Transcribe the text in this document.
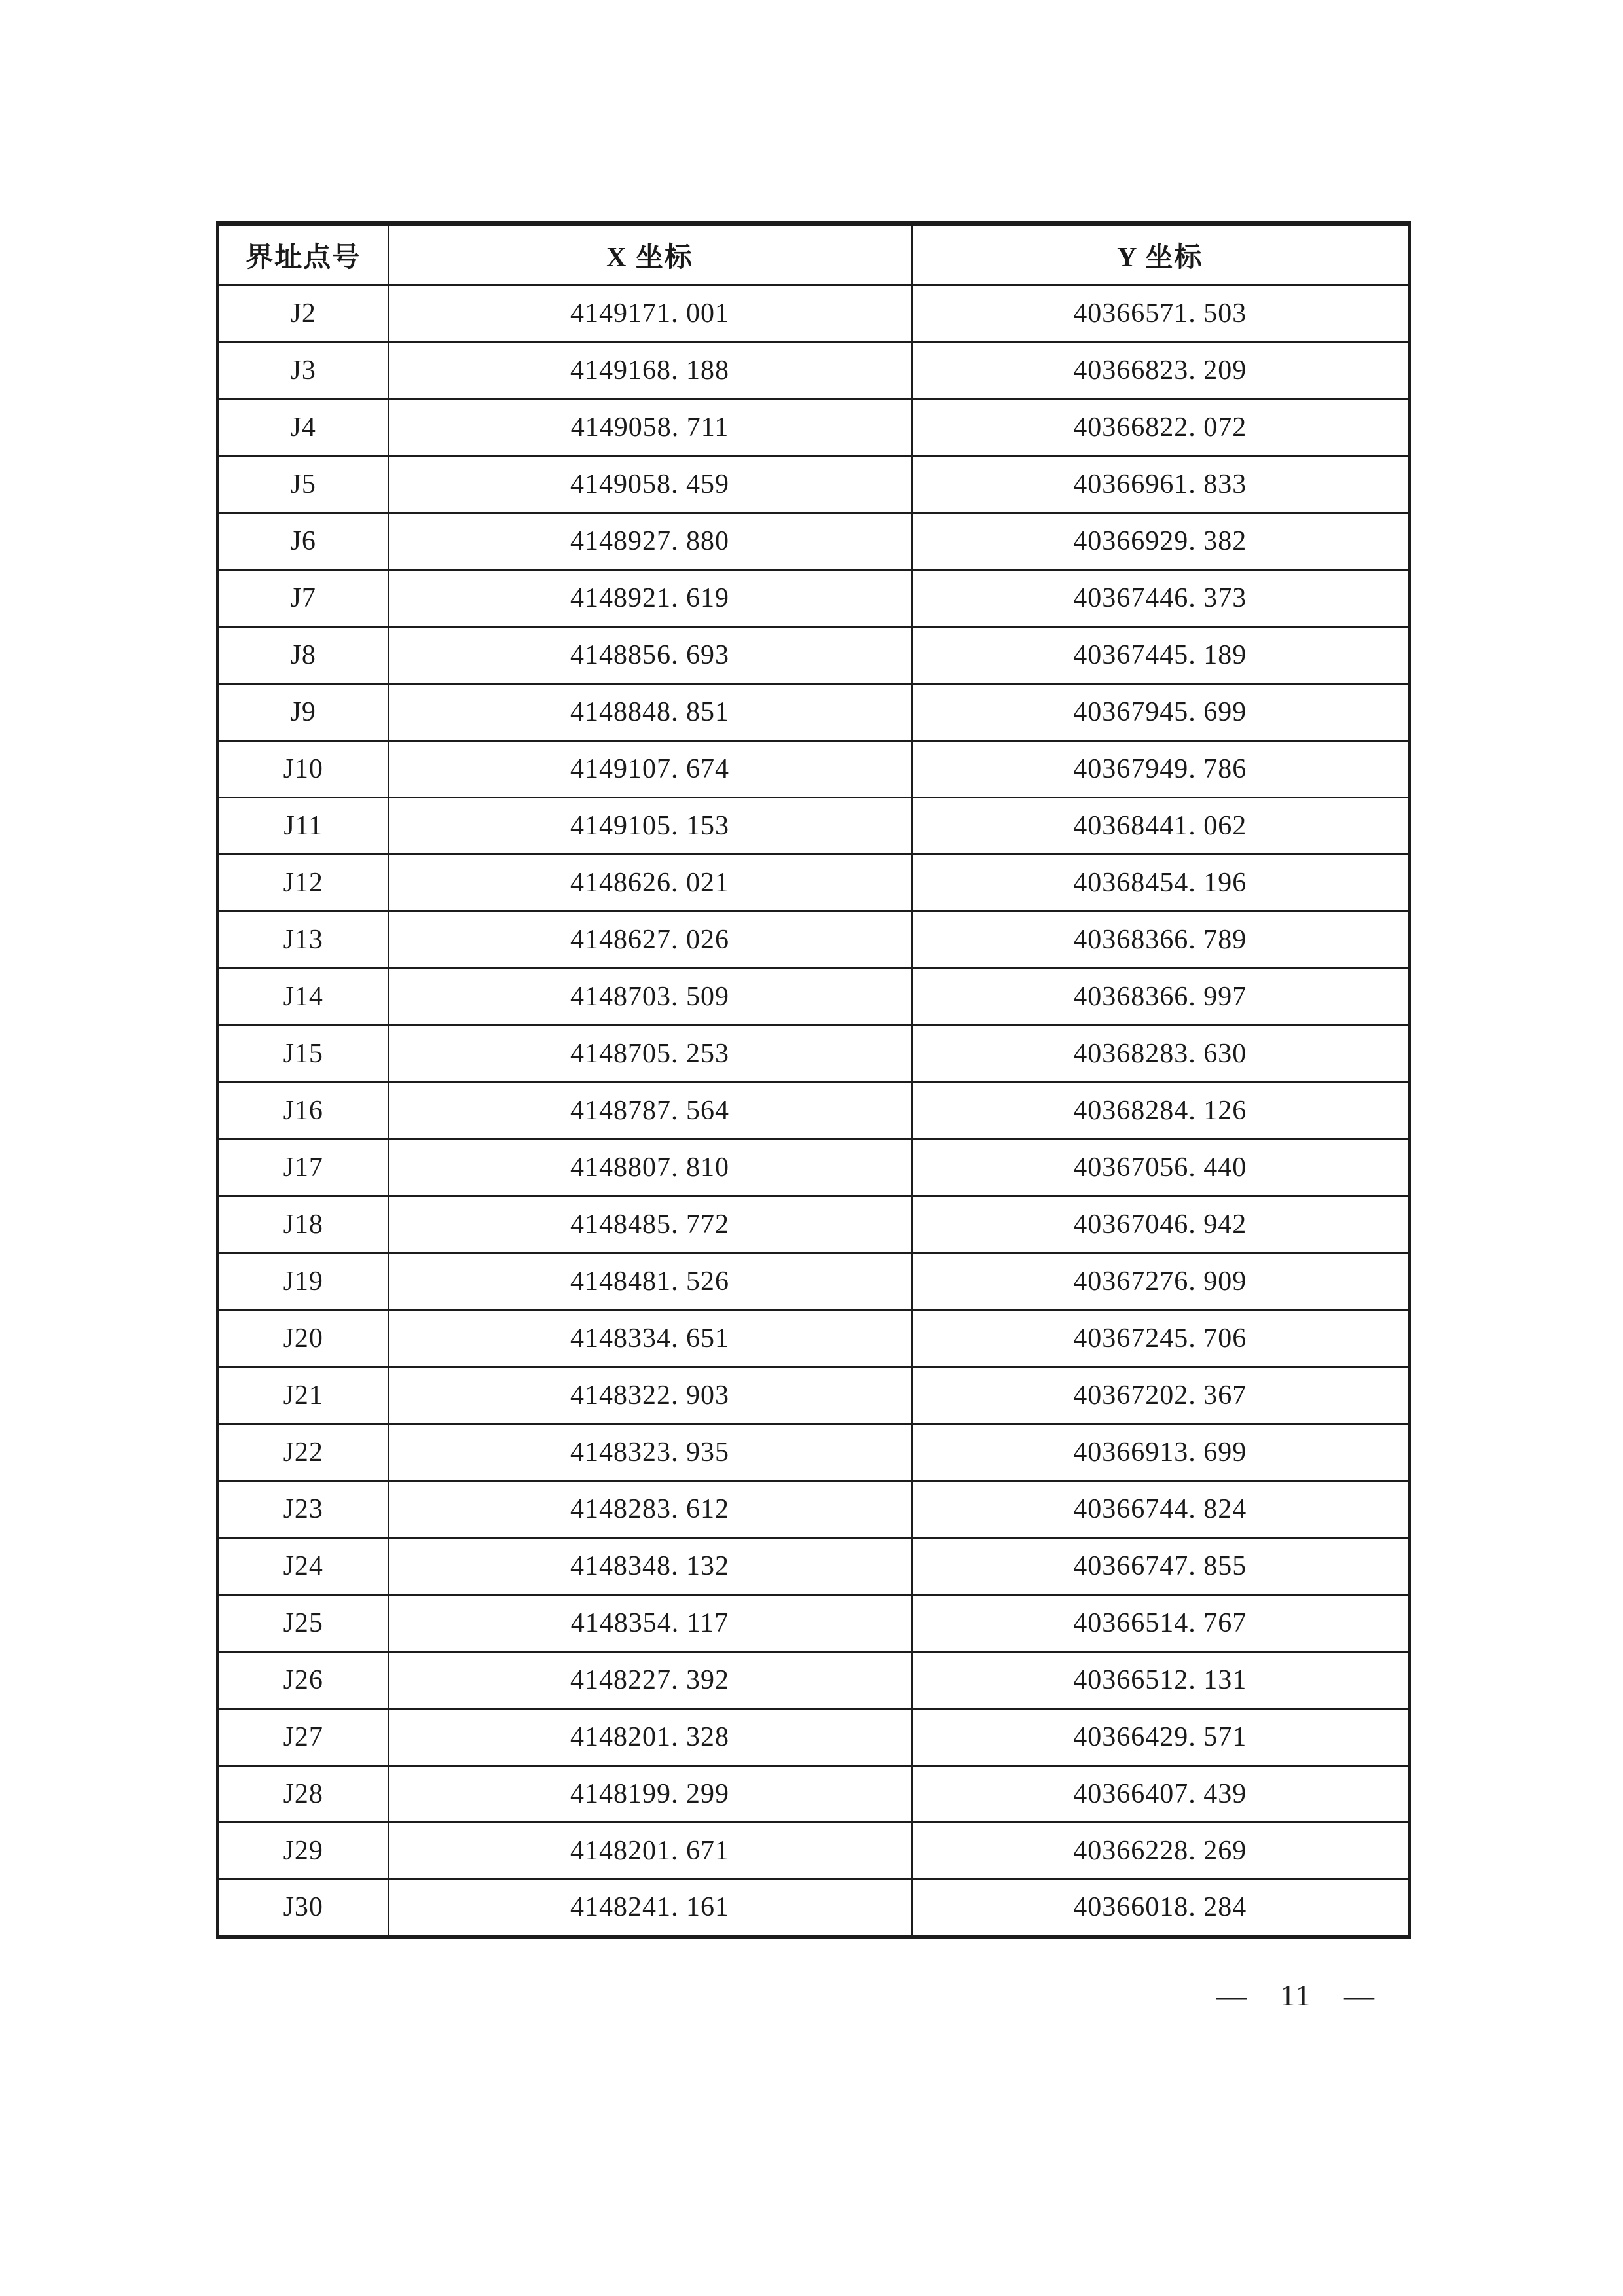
界址点号	X 坐标	Y 坐标
J2	4149171. 001	40366571. 503
J3	4149168. 188	40366823. 209
J4	4149058. 711	40366822. 072
J5	4149058. 459	40366961. 833
J6	4148927. 880	40366929. 382
J7	4148921. 619	40367446. 373
J8	4148856. 693	40367445. 189
J9	4148848. 851	40367945. 699
J10	4149107. 674	40367949. 786
J11	4149105. 153	40368441. 062
J12	4148626. 021	40368454. 196
J13	4148627. 026	40368366. 789
J14	4148703. 509	40368366. 997
J15	4148705. 253	40368283. 630
J16	4148787. 564	40368284. 126
J17	4148807. 810	40367056. 440
J18	4148485. 772	40367046. 942
J19	4148481. 526	40367276. 909
J20	4148334. 651	40367245. 706
J21	4148322. 903	40367202. 367
J22	4148323. 935	40366913. 699
J23	4148283. 612	40366744. 824
J24	4148348. 132	40366747. 855
J25	4148354. 117	40366514. 767
J26	4148227. 392	40366512. 131
J27	4148201. 328	40366429. 571
J28	4148199. 299	40366407. 439
J29	4148201. 671	40366228. 269
J30	4148241. 161	40366018. 284
— 11 —
